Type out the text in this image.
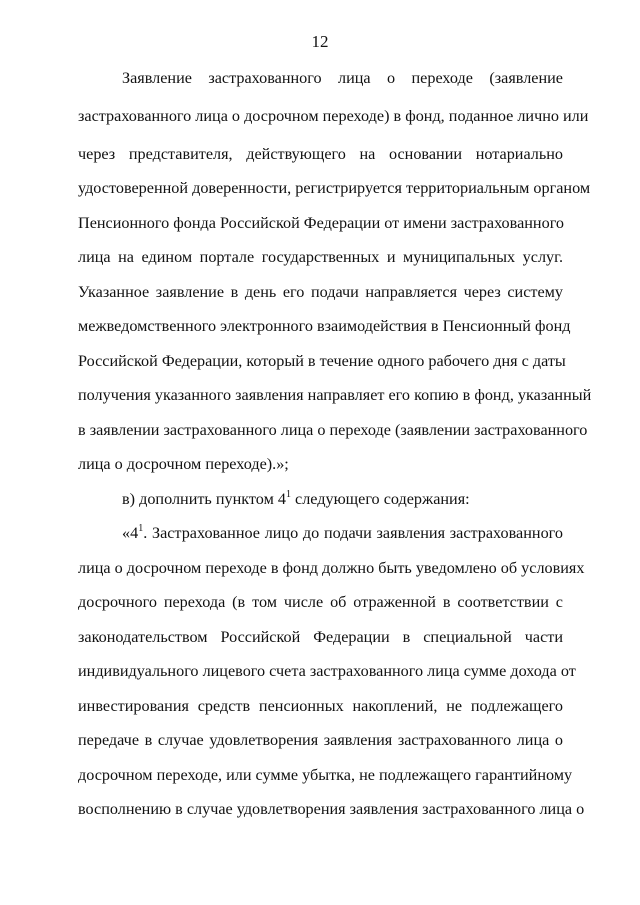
12
Заявление застрахованного лица о переходе (заявление
застрахованного лица о досрочном переходе) в фонд, поданное лично или
через представителя, действующего на основании нотариально
удостоверенной доверенности, регистрируется территориальным органом
Пенсионного фонда Российской Федерации от имени застрахованного
лица на едином портале государственных и муниципальных услуг.
Указанное заявление в день его подачи направляется через систему
межведомственного электронного взаимодействия в Пенсионный фонд
Российской Федерации, который в течение одного рабочего дня с даты
получения указанного заявления направляет его копию в фонд, указанный
в заявлении застрахованного лица о переходе (заявлении застрахованного
лица о досрочном переходе).»;
в) дополнить пунктом $4^1$ следующего содержания:
«$4^1$. Застрахованное лицо до подачи заявления застрахованного
лица о досрочном переходе в фонд должно быть уведомлено об условиях
досрочного перехода (в том числе об отраженной в соответствии с
законодательством Российской Федерации в специальной части
индивидуального лицевого счета застрахованного лица сумме дохода от
инвестирования средств пенсионных накоплений, не подлежащего
передаче в случае удовлетворения заявления застрахованного лица о
досрочном переходе, или сумме убытка, не подлежащего гарантийному
восполнению в случае удовлетворения заявления застрахованного лица о
